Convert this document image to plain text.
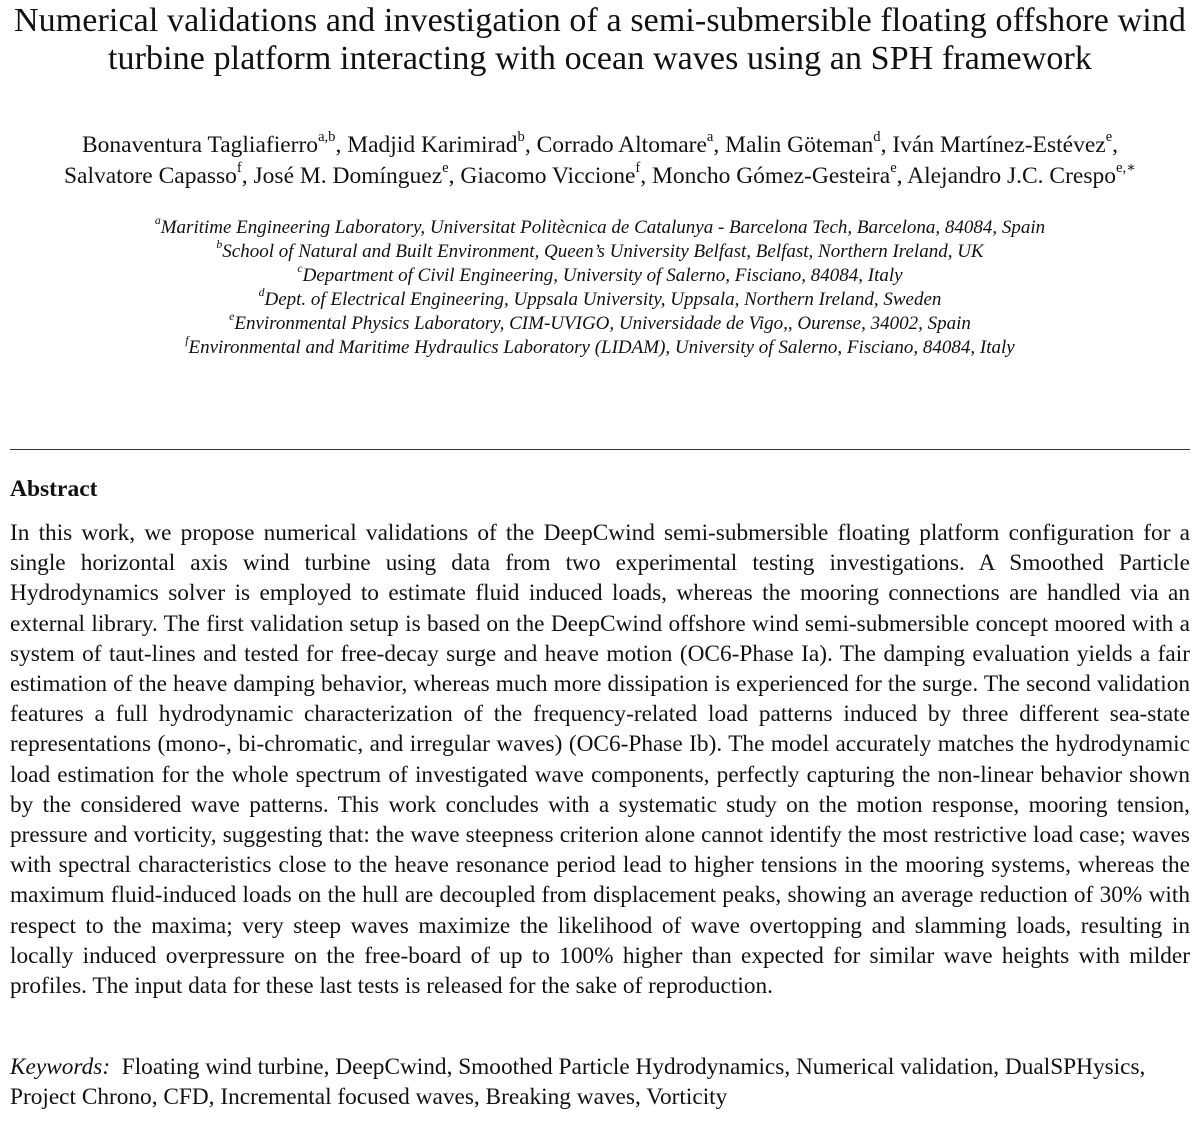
Numerical validations and investigation of a semi-submersible floating offshore wind turbine platform interacting with ocean waves using an SPH framework
Bonaventura Tagliafierro$^{a,b}$, Madjid Karimirad$^b$, Corrado Altomare$^a$, Malin Göteman$^d$, Iván Martínez-Estévez$^e$,
Salvatore Capasso$^f$, José M. Domínguez$^e$, Giacomo Viccione$^f$, Moncho Gómez-Gesteira$^e$, Alejandro J.C. Crespo$^{e,∗}$
$^a$Maritime Engineering Laboratory, Universitat Politècnica de Catalunya - Barcelona Tech, Barcelona, 84084, Spain
$^b$School of Natural and Built Environment, Queen’s University Belfast, Belfast, Northern Ireland, UK
$^c$Department of Civil Engineering, University of Salerno, Fisciano, 84084, Italy
$^d$Dept. of Electrical Engineering, Uppsala University, Uppsala, Northern Ireland, Sweden
$^e$Environmental Physics Laboratory, CIM-UVIGO, Universidade de Vigo,, Ourense, 34002, Spain
$^f$Environmental and Maritime Hydraulics Laboratory (LIDAM), University of Salerno, Fisciano, 84084, Italy
Abstract

In this work, we propose numerical validations of the DeepCwind semi-submersible floating platform configuration for a single horizontal axis wind turbine using data from two experimental testing investigations. A Smoothed Particle Hydrodynamics solver is employed to estimate fluid induced loads, whereas the mooring connections are handled via an external library. The first validation setup is based on the DeepCwind offshore wind semi-submersible concept moored with a system of taut-lines and tested for free-decay surge and heave motion (OC6-Phase Ia). The damping evaluation yields a fair estimation of the heave damping behavior, whereas much more dissipation is experienced for the surge. The second validation features a full hydrodynamic characterization of the frequency-related load patterns induced by three different sea-state representations (mono-, bi-chromatic, and irregular waves) (OC6-Phase Ib). The model accurately matches the hydrodynamic load estimation for the whole spectrum of investigated wave components, perfectly capturing the non-linear behavior shown by the considered wave patterns. This work concludes with a systematic study on the motion response, mooring tension, pressure and vorticity, suggesting that: the wave steepness criterion alone cannot identify the most restrictive load case; waves with spectral characteristics close to the heave resonance period lead to higher tensions in the mooring systems, whereas the maximum fluid-induced loads on the hull are decoupled from displacement peaks, showing an average reduction of 30% with respect to the maxima; very steep waves maximize the likelihood of wave overtopping and slamming loads, resulting in locally induced overpressure on the free-board of up to 100% higher than expected for similar wave heights with milder profiles. The input data for these last tests is released for the sake of reproduction.

Keywords: Floating wind turbine, DeepCwind, Smoothed Particle Hydrodynamics, Numerical validation, DualSPHysics, Project Chrono, CFD, Incremental focused waves, Breaking waves, Vorticity
